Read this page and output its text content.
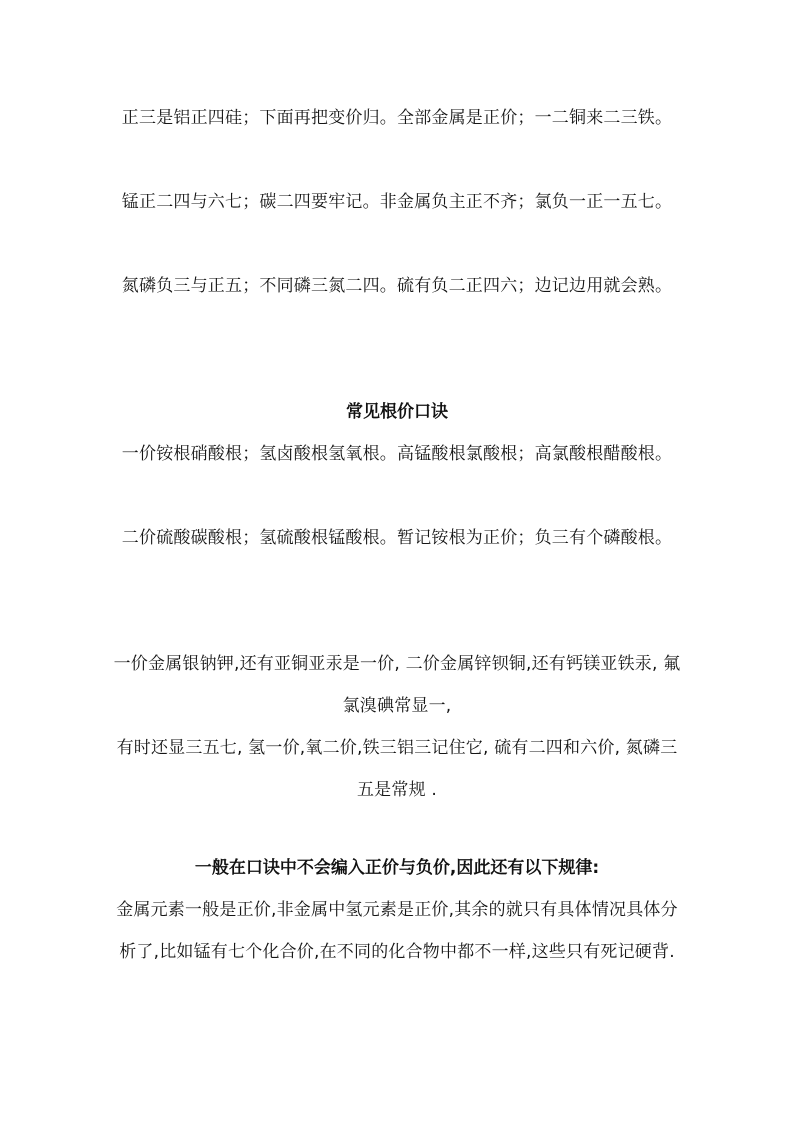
正三是铝正四硅；下面再把变价归。全部金属是正价；一二铜来二三铁。

锰正二四与六七；碳二四要牢记。非金属负主正不齐；氯负一正一五七。

氮磷负三与正五；不同磷三氮二四。硫有负二正四六；边记边用就会熟。

常见根价口诀

一价铵根硝酸根；氢卤酸根氢氧根。高锰酸根氯酸根；高氯酸根醋酸根。

二价硫酸碳酸根；氢硫酸根锰酸根。暂记铵根为正价；负三有个磷酸根。

一价金属银钠钾,还有亚铜亚汞是一价, 二价金属锌钡铜,还有钙镁亚铁汞, 氟氯溴碘常显一,

有时还显三五七, 氢一价,氧二价,铁三铝三记住它, 硫有二四和六价, 氮磷三五是常规 .

一般在口诀中不会编入正价与负价,因此还有以下规律:

金属元素一般是正价,非金属中氢元素是正价,其余的就只有具体情况具体分析了,比如锰有七个化合价,在不同的化合物中都不一样,这些只有死记硬背.
